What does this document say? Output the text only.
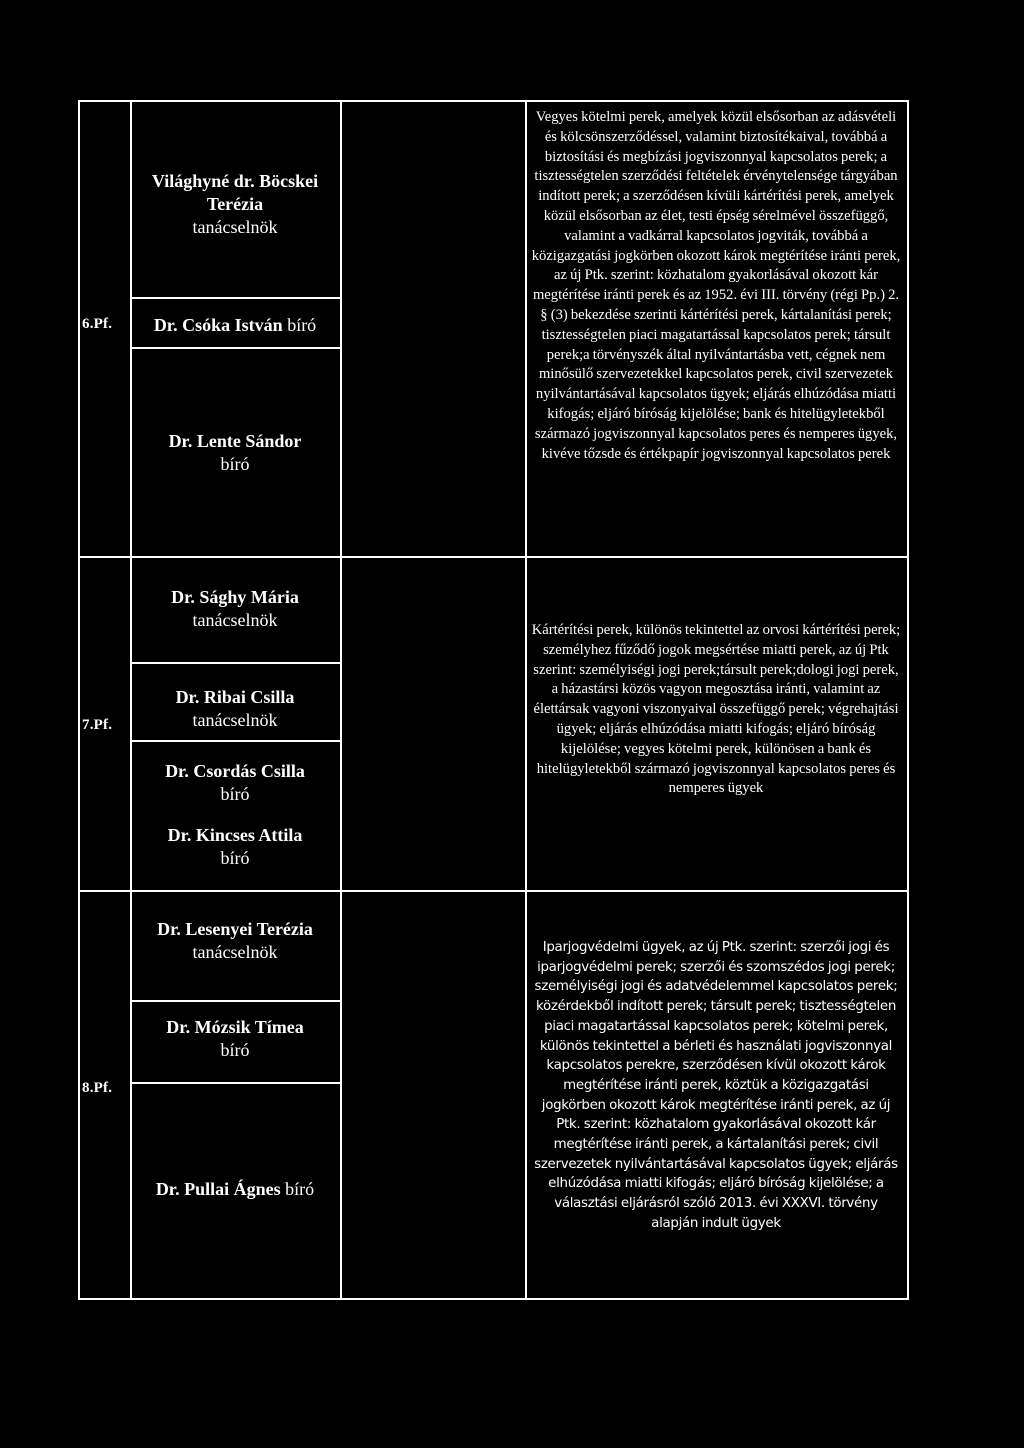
6.Pf.

Világhyné dr. Böcskei Terézia

tanácselnök

Dr. Csóka István bíró

Dr. Lente Sándor

bíró

Vegyes kötelmi perek, amelyek közül elsősorban az adásvételi és kölcsönszerződéssel, valamint biztosítékaival, továbbá a biztosítási és megbízási jogviszonnyal kapcsolatos perek; a tisztességtelen szerződési feltételek érvénytelensége tárgyában indított perek; a szerződésen kívüli kártérítési perek, amelyek közül elsősorban az élet, testi épség sérelmével összefüggő, valamint a vadkárral kapcsolatos jogviták, továbbá a közigazgatási jogkörben okozott károk megtérítése iránti perek, az új Ptk. szerint: közhatalom gyakorlásával okozott kár megtérítése iránti perek és az 1952. évi III. törvény (régi Pp.) 2. § (3) bekezdése szerinti kártérítési perek, kártalanítási perek; tisztességtelen piaci magatartással kapcsolatos perek; társult perek;a törvényszék által nyilvántartásba vett, cégnek nem minősülő szervezetekkel kapcsolatos perek, civil szervezetek nyilvántartásával kapcsolatos ügyek; eljárás elhúzódása miatti kifogás; eljáró bíróság kijelölése; bank és hitelügyletekből származó jogviszonnyal kapcsolatos peres és nemperes ügyek, kivéve tőzsde és értékpapír jogviszonnyal kapcsolatos perek
7.Pf.

Dr. Sághy Mária

tanácselnök

Dr. Ribai Csilla

tanácselnök

Dr. Csordás Csilla

bíró

Dr. Kincses Attila

bíró

Kártérítési perek, különös tekintettel az orvosi kártérítési perek; személyhez fűződő jogok megsértése miatti perek, az új Ptk szerint: személyiségi jogi perek;társult perek;dologi jogi perek, a házastársi közös vagyon megosztása iránti, valamint az élettársak vagyoni viszonyaival összefüggő perek; végrehajtási ügyek; eljárás elhúzódása miatti kifogás; eljáró bíróság kijelölése; vegyes kötelmi perek, különösen a bank és hitelügyletekből származó jogviszonnyal kapcsolatos peres és nemperes ügyek
8.Pf.

Dr. Lesenyei Terézia

tanácselnök

Dr. Mózsik Tímea

bíró

Dr. Pullai Ágnes bíró
Iparjogvédelmi ügyek, az új Ptk. szerint: szerzői jogi és iparjogvédelmi perek; szerzői és szomszédos jogi perek; személyiségi jogi és adatvédelemmel kapcsolatos perek; közérdekből indított perek; társult perek; tisztességtelen piaci magatartással kapcsolatos perek; kötelmi perek, különös tekintettel a bérleti és használati jogviszonnyal kapcsolatos perekre, szerződésen kívül okozott károk megtérítése iránti perek, köztük a közigazgatási jogkörben okozott károk megtérítése iránti perek, az új Ptk. szerint: közhatalom gyakorlásával okozott kár megtérítése iránti perek, a kártalanítási perek; civil szervezetek nyilvántartásával kapcsolatos ügyek; eljárás elhúzódása miatti kifogás; eljáró bíróság kijelölése; a választási eljárásról szóló 2013. évi XXXVI. törvény alapján indult ügyek
